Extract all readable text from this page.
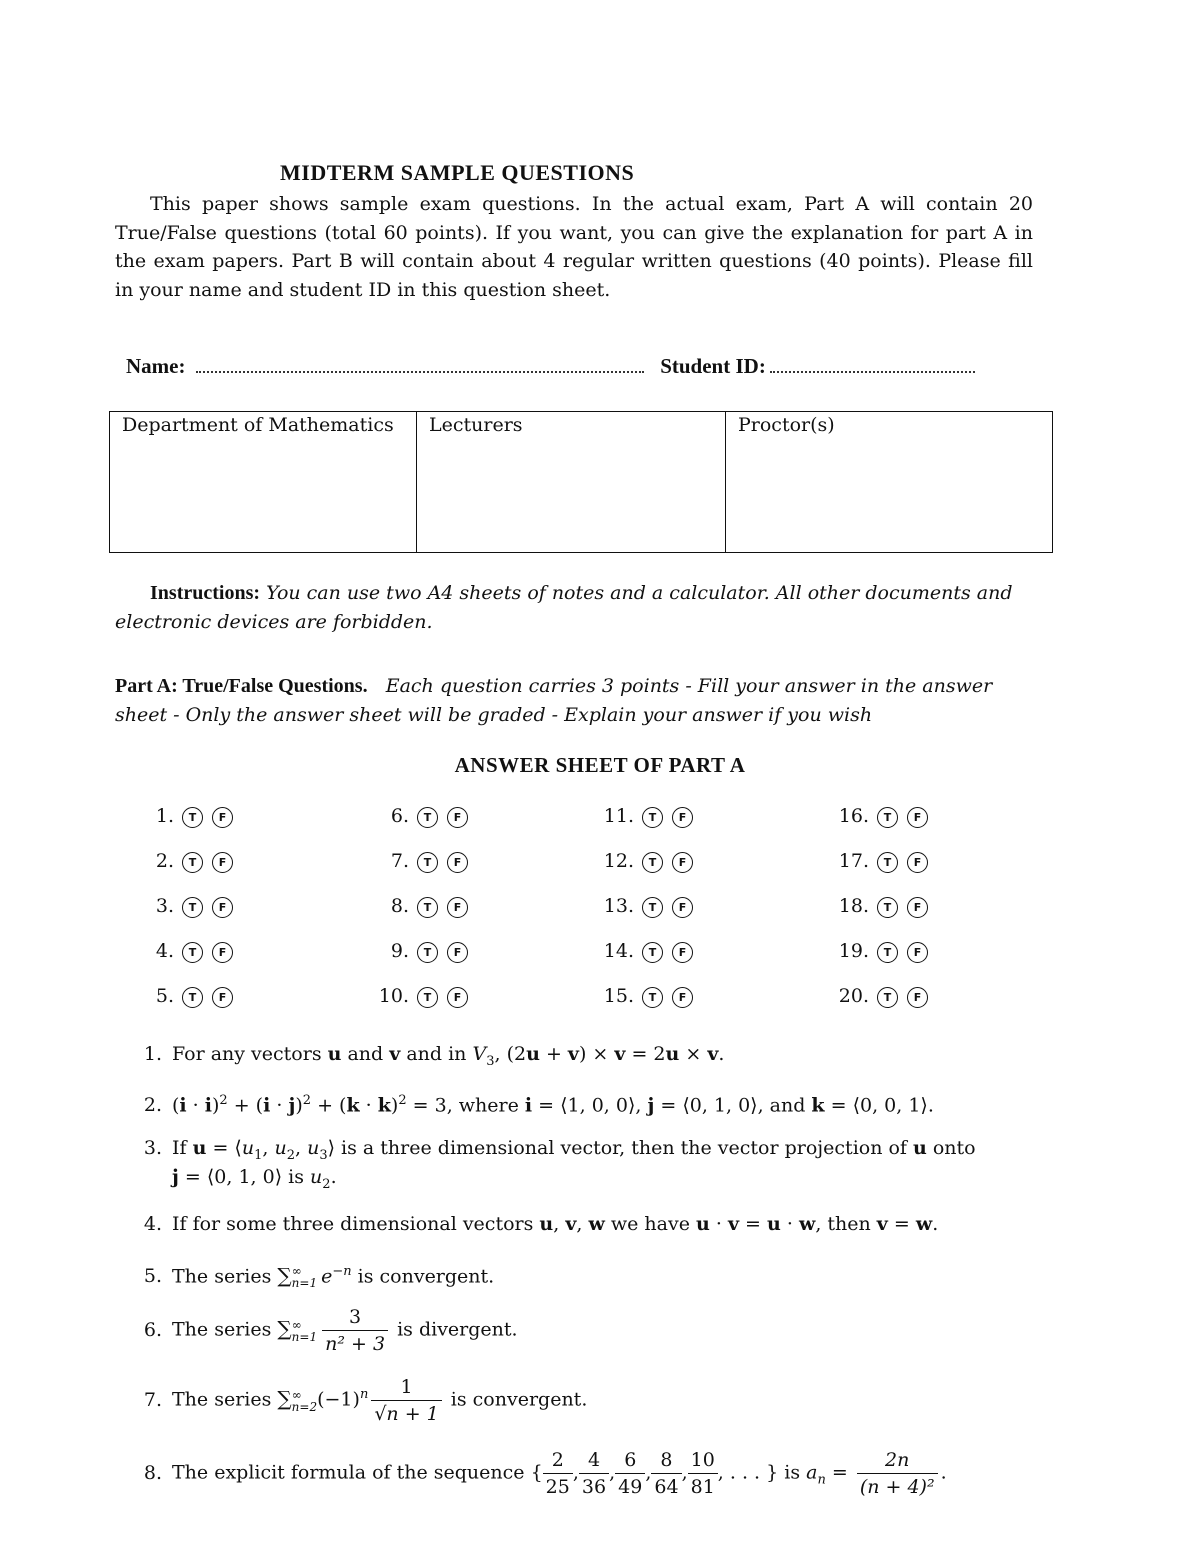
MIDTERM SAMPLE QUESTIONS
This paper shows sample exam questions. In the actual exam, Part A will contain 20 True/False questions (total 60 points). If you want, you can give the explanation for part A in the exam papers. Part B will contain about 4 regular written questions (40 points). Please fill in your name and student ID in this question sheet.
Name:	Student ID:
Department of Mathematics	Lecturers	Proctor(s)
Instructions: You can use two A4 sheets of notes and a calculator. All other documents and electronic devices are forbidden.
Part A: True/False Questions. Each question carries 3 points - Fill your answer in the answer sheet - Only the answer sheet will be graded - Explain your answer if you wish
ANSWER SHEET OF PART A
1. T F
2. T F
3. T F
4. T F
5. T F
6. T F
7. T F
8. T F
9. T F
10. T F
11. T F
12. T F
13. T F
14. T F
15. T F
16. T F
17. T F
18. T F
19. T F
20. T F
1. For any vectors u and v and in $V_3$, (2u + v) × v = 2u × v.
2. $(i \cdot i)^2 + (i \cdot j)^2 + (k \cdot k)^2 = 3$, where i = ⟨1, 0, 0⟩, j = ⟨0, 1, 0⟩, and k = ⟨0, 0, 1⟩.
3. If $u = ⟨u_1$, $u_2$, $u_3⟩$ is a three dimensional vector, then the vector projection of u onto
j = ⟨0, 1, 0⟩ is $u_2$.
4. If for some three dimensional vectors u, v, w we have u · v = u · w, then v = w.
5. The series ∑ ∞
n=1 $e^{-n}$ is convergent.
6. The series ∑ ∞
$n=1 \frac{3}{\text{n² + 3}}$ is divergent.
7. The series ∑ ∞
n=2 $(-1)^n \frac{1}{√n + 1}$ is convergent.
8. The explicit formula of the sequence { $\frac{2}{25}$ , $\frac{4}{36}$ , $\frac{6}{49}$ , $\frac{8}{64}$ , $\frac{10}{81}$ , . . . } is $a_n = \frac{2n}{\text{(n + 4)²}}$ .
